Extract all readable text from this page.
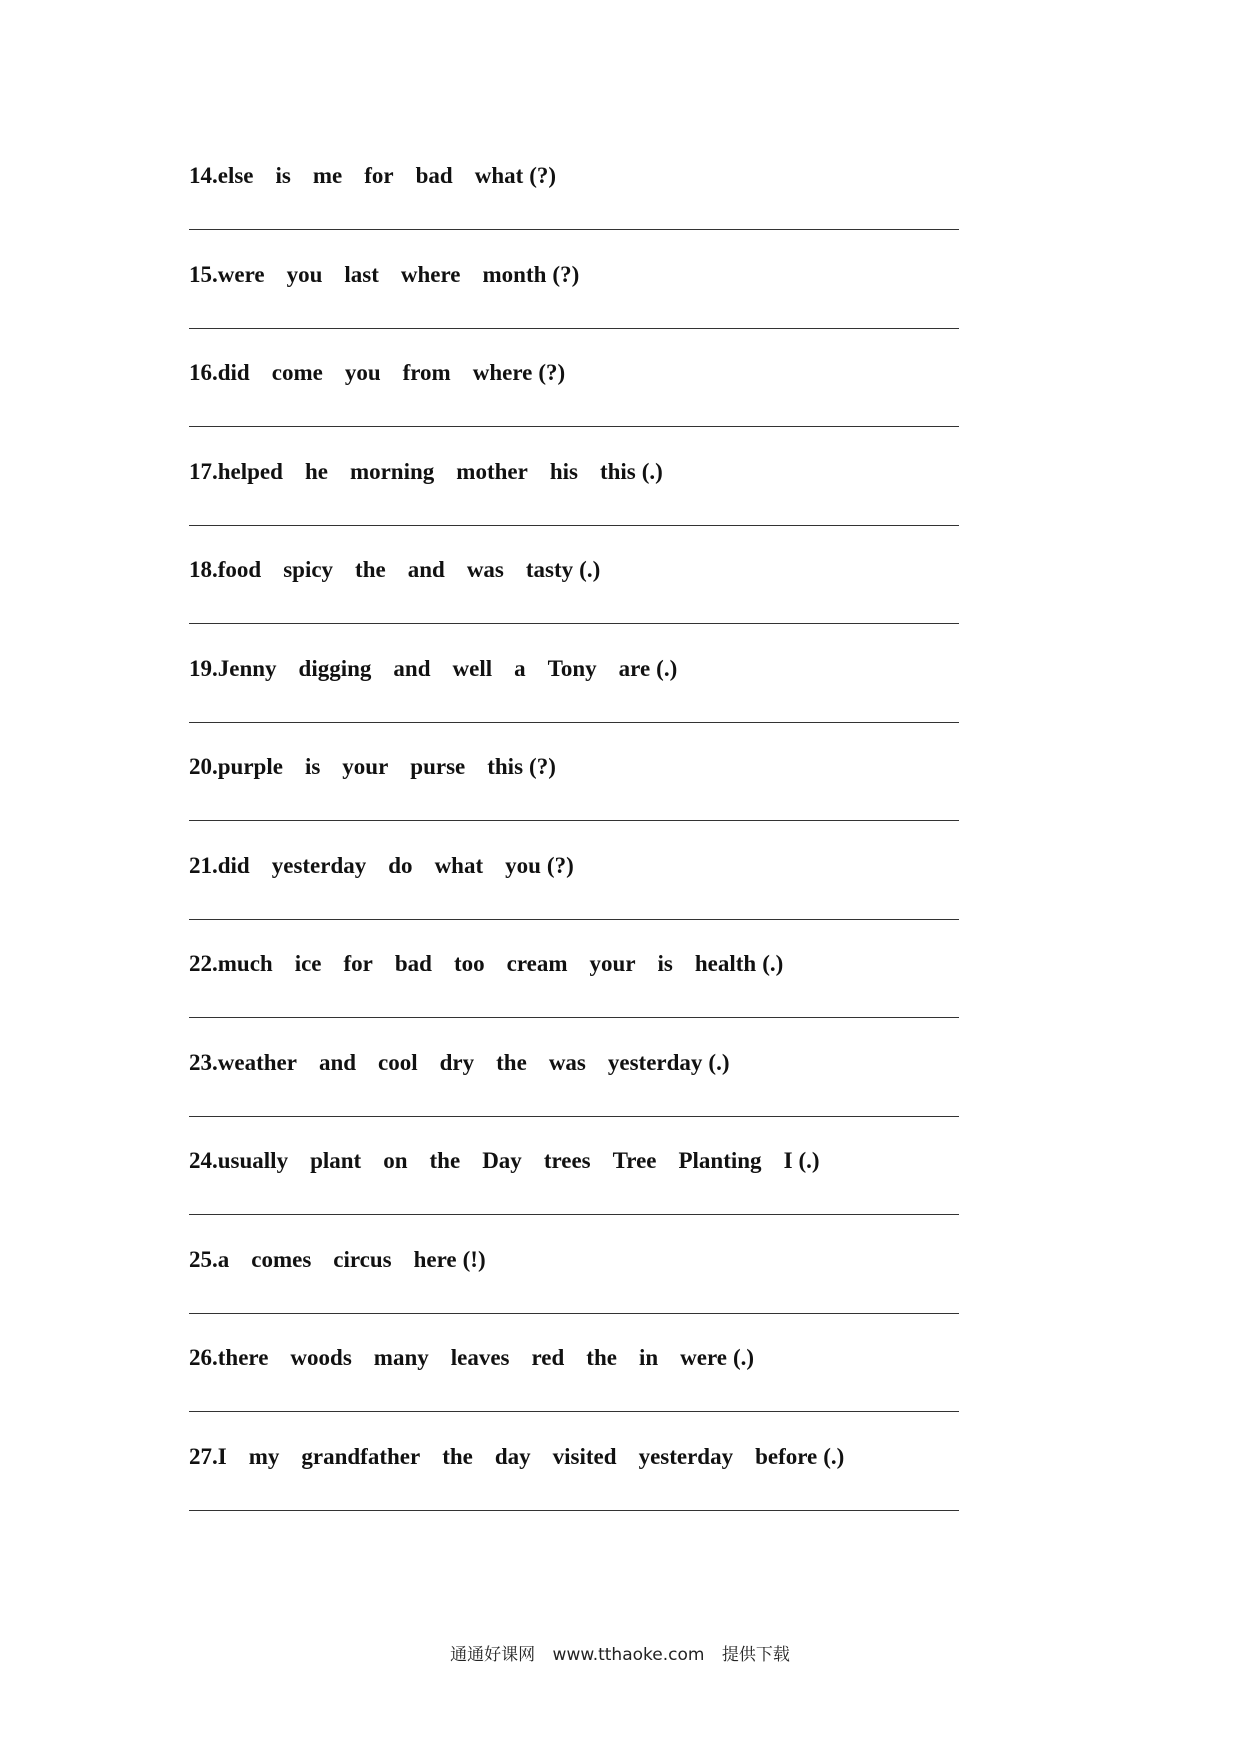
14.else is me for bad what (?)
15.were you last where month (?)
16.did come you from where (?)
17.helped he morning mother his this (.)
18.food spicy the and was tasty (.)
19.Jenny digging and well a Tony are (.)
20.purple is your purse this (?)
21.did yesterday do what you (?)
22.much ice for bad too cream your is health (.)
23.weather and cool dry the was yesterday (.)
24.usually plant on the Day trees Tree Planting I (.)
25.a comes circus here (!)
26.there woods many leaves red the in were (.)
27.I my grandfather the day visited yesterday before (.)
通通好课网 www.tthaoke.com 提供下载
